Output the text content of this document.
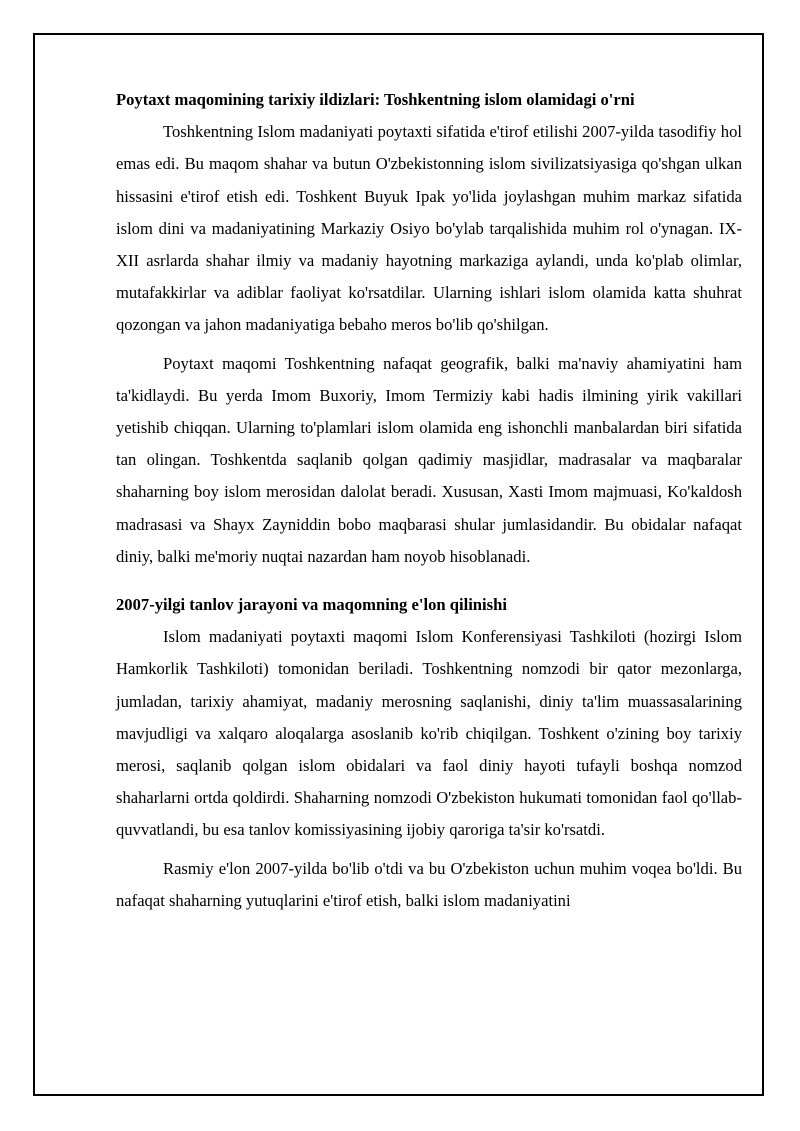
Poytaxt maqomining tarixiy ildizlari: Toshkentning islom olamidagi o'rni

Toshkentning Islom madaniyati poytaxti sifatida e'tirof etilishi 2007-yilda tasodifiy hol emas edi. Bu maqom shahar va butun O'zbekistonning islom sivilizatsiyasiga qo'shgan ulkan hissasini e'tirof etish edi. Toshkent Buyuk Ipak yo'lida joylashgan muhim markaz sifatida islom dini va madaniyatining Markaziy Osiyo bo'ylab tarqalishida muhim rol o'ynagan. IX-XII asrlarda shahar ilmiy va madaniy hayotning markaziga aylandi, unda ko'plab olimlar, mutafakkirlar va adiblar faoliyat ko'rsatdilar. Ularning ishlari islom olamida katta shuhrat qozongan va jahon madaniyatiga bebaho meros bo'lib qo'shilgan.

Poytaxt maqomi Toshkentning nafaqat geografik, balki ma'naviy ahamiyatini ham ta'kidlaydi. Bu yerda Imom Buxoriy, Imom Termiziy kabi hadis ilmining yirik vakillari yetishib chiqqan. Ularning to'plamlari islom olamida eng ishonchli manbalardan biri sifatida tan olingan. Toshkentda saqlanib qolgan qadimiy masjidlar, madrasalar va maqbaralar shaharning boy islom merosidan dalolat beradi. Xususan, Xasti Imom majmuasi, Ko'kaldosh madrasasi va Shayx Zayniddin bobo maqbarasi shular jumlasidandir. Bu obidalar nafaqat diniy, balki me'moriy nuqtai nazardan ham noyob hisoblanadi.

2007-yilgi tanlov jarayoni va maqomning e'lon qilinishi

Islom madaniyati poytaxti maqomi Islom Konferensiyasi Tashkiloti (hozirgi Islom Hamkorlik Tashkiloti) tomonidan beriladi. Toshkentning nomzodi bir qator mezonlarga, jumladan, tarixiy ahamiyat, madaniy merosning saqlanishi, diniy ta'lim muassasalarining mavjudligi va xalqaro aloqalarga asoslanib ko'rib chiqilgan. Toshkent o'zining boy tarixiy merosi, saqlanib qolgan islom obidalari va faol diniy hayoti tufayli boshqa nomzod shaharlarni ortda qoldirdi. Shaharning nomzodi O'zbekiston hukumati tomonidan faol qo'llab-quvvatlandi, bu esa tanlov komissiyasining ijobiy qaroriga ta'sir ko'rsatdi.

Rasmiy e'lon 2007-yilda bo'lib o'tdi va bu O'zbekiston uchun muhim voqea bo'ldi. Bu nafaqat shaharning yutuqlarini e'tirof etish, balki islom madaniyatini
